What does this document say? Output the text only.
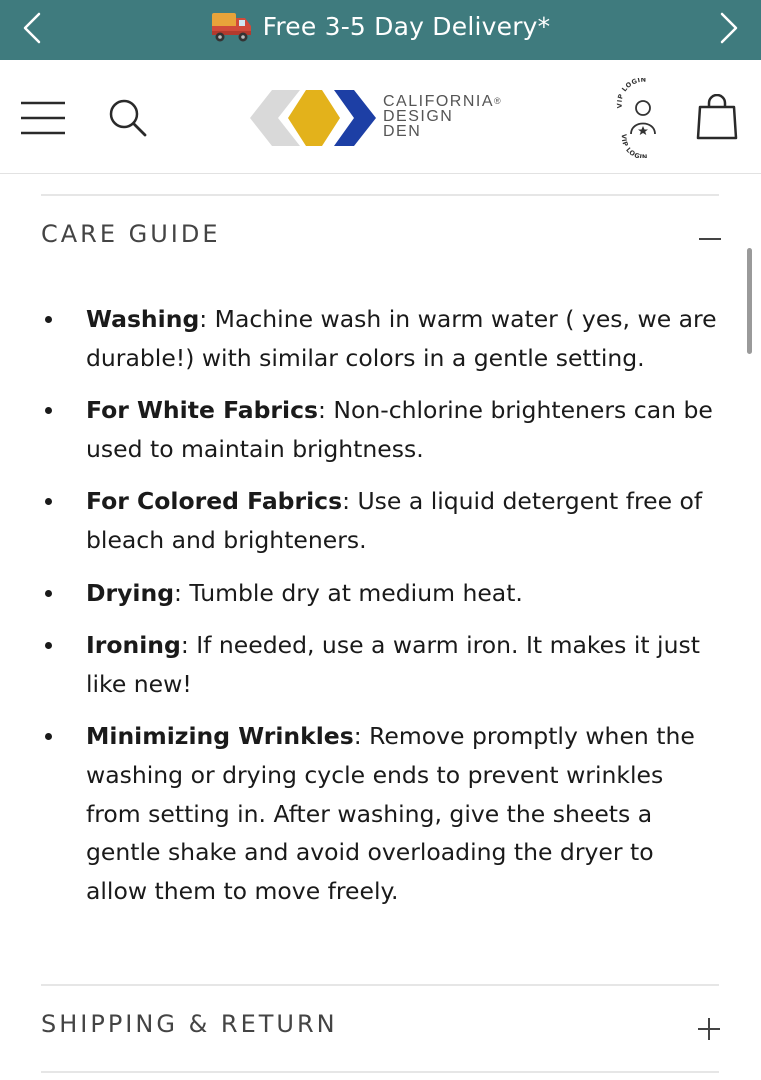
Free 3-5 Day Delivery*
CALIFORNIA®
DESIGN
DEN
VIP LOGIN
VIP LOGIN
CARE GUIDE
Washing: Machine wash in warm water ( yes, we are durable!) with similar colors in a gentle setting.
For White Fabrics: Non-chlorine brighteners can be used to maintain brightness.
For Colored Fabrics: Use a liquid detergent free of bleach and brighteners.
Drying: Tumble dry at medium heat.
Ironing: If needed, use a warm iron. It makes it just like new!
Minimizing Wrinkles: Remove promptly when the washing or drying cycle ends to prevent wrinkles from setting in. After washing, give the sheets a gentle shake and avoid overloading the dryer to allow them to move freely.
SHIPPING & RETURN
